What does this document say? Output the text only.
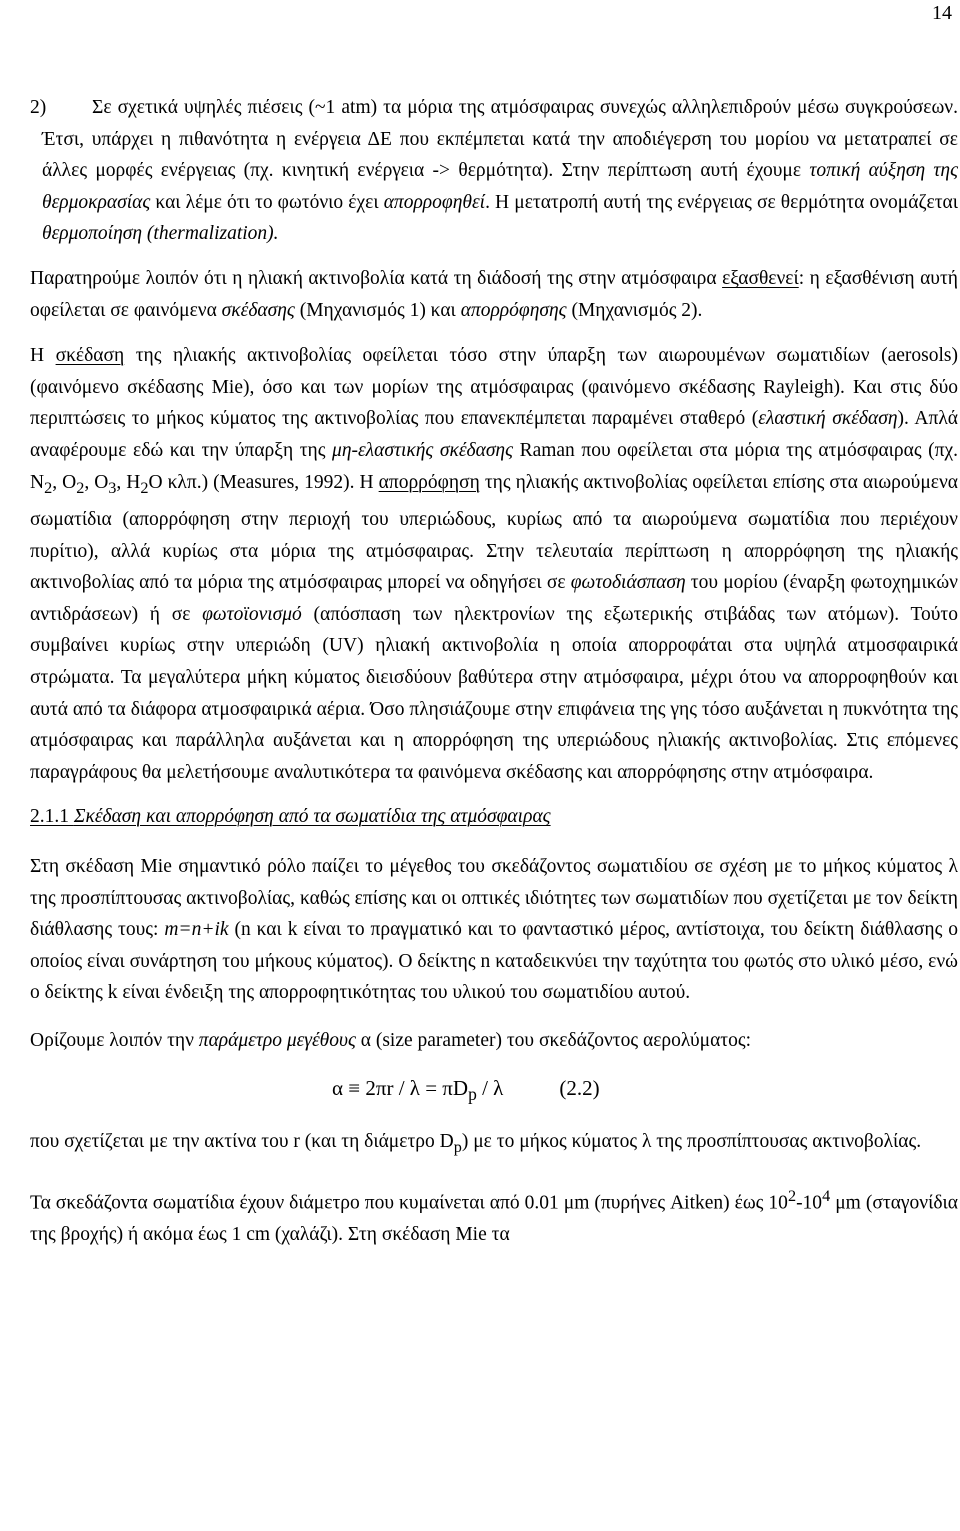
14

2) Σε σχετικά υψηλές πιέσεις (~1 atm) τα μόρια της ατμόσφαιρας συνεχώς αλληλεπιδρούν μέσω συγκρούσεων. Έτσι, υπάρχει η πιθανότητα η ενέργεια ΔΕ που εκπέμπεται κατά την αποδιέγερση του μορίου να μετατραπεί σε άλλες μορφές ενέργειας (πχ. κινητική ενέργεια -> θερμότητα). Στην περίπτωση αυτή έχουμε τοπική αύξηση της θερμοκρασίας και λέμε ότι το φωτόνιο έχει απορροφηθεί. Η μετατροπή αυτή της ενέργειας σε θερμότητα ονομάζεται θερμοποίηση (thermalization).

Παρατηρούμε λοιπόν ότι η ηλιακή ακτινοβολία κατά τη διάδοσή της στην ατμόσφαιρα εξασθενεί: η εξασθένιση αυτή οφείλεται σε φαινόμενα σκέδασης (Μηχανισμός 1) και απορρόφησης (Μηχανισμός 2).

Η σκέδαση της ηλιακής ακτινοβολίας οφείλεται τόσο στην ύπαρξη των αιωρουμένων σωματιδίων (aerosols) (φαινόμενο σκέδασης Mie), όσο και των μορίων της ατμόσφαιρας (φαινόμενο σκέδασης Rayleigh). Και στις δύο περιπτώσεις το μήκος κύματος της ακτινοβολίας που επανεκπέμπεται παραμένει σταθερό (ελαστική σκέδαση). Απλά αναφέρουμε εδώ και την ύπαρξη της μη-ελαστικής σκέδασης Raman που οφείλεται στα μόρια της ατμόσφαιρας (πχ. $N_2$, $O_2$, $O_3$, $H_2O$ κλπ.) (Measures, 1992). Η απορρόφηση της ηλιακής ακτινοβολίας οφείλεται επίσης στα αιωρούμενα σωματίδια (απορρόφηση στην περιοχή του υπεριώδους, κυρίως από τα αιωρούμενα σωματίδια που περιέχουν πυρίτιο), αλλά κυρίως στα μόρια της ατμόσφαιρας. Στην τελευταία περίπτωση η απορρόφηση της ηλιακής ακτινοβολίας από τα μόρια της ατμόσφαιρας μπορεί να οδηγήσει σε φωτοδιάσπαση του μορίου (έναρξη φωτοχημικών αντιδράσεων) ή σε φωτοϊονισμό (απόσπαση των ηλεκτρονίων της εξωτερικής στιβάδας των ατόμων). Τούτο συμβαίνει κυρίως στην υπεριώδη (UV) ηλιακή ακτινοβολία η οποία απορροφάται στα υψηλά ατμοσφαιρικά στρώματα. Τα μεγαλύτερα μήκη κύματος διεισδύουν βαθύτερα στην ατμόσφαιρα, μέχρι ότου να απορροφηθούν και αυτά από τα διάφορα ατμοσφαιρικά αέρια. Όσο πλησιάζουμε στην επιφάνεια της γης τόσο αυξάνεται η πυκνότητα της ατμόσφαιρας και παράλληλα αυξάνεται και η απορρόφηση της υπεριώδους ηλιακής ακτινοβολίας. Στις επόμενες παραγράφους θα μελετήσουμε αναλυτικότερα τα φαινόμενα σκέδασης και απορρόφησης στην ατμόσφαιρα.

2.1.1 Σκέδαση και απορρόφηση από τα σωματίδια της ατμόσφαιρας

Στη σκέδαση Mie σημαντικό ρόλο παίζει το μέγεθος του σκεδάζοντος σωματιδίου σε σχέση με το μήκος κύματος λ της προσπίπτουσας ακτινοβολίας, καθώς επίσης και οι οπτικές ιδιότητες των σωματιδίων που σχετίζεται με τον δείκτη διάθλασης τους: m=n+ik (n και k είναι το πραγματικό και το φανταστικό μέρος, αντίστοιχα, του δείκτη διάθλασης ο οποίος είναι συνάρτηση του μήκους κύματος). Ο δείκτης n καταδεικνύει την ταχύτητα του φωτός στο υλικό μέσο, ενώ ο δείκτης k είναι ένδειξη της απορροφητικότητας του υλικού του σωματιδίου αυτού.

Ορίζουμε λοιπόν την παράμετρο μεγέθους α (size parameter) του σκεδάζοντος αερολύματος:

$\alpha \equiv 2\pi r / \lambda = \pi D_p / \lambda$	(2.2)

που σχετίζεται με την ακτίνα του r (και τη διάμετρο $D_p$) με το μήκος κύματος λ της προσπίπτουσας ακτινοβολίας.

Τα σκεδάζοντα σωματίδια έχουν διάμετρο που κυμαίνεται από 0.01 μm (πυρήνες Aitken) έως $10^2-10^4$ μm (σταγονίδια της βροχής) ή ακόμα έως 1 cm (χαλάζι). Στη σκέδαση Mie τα
